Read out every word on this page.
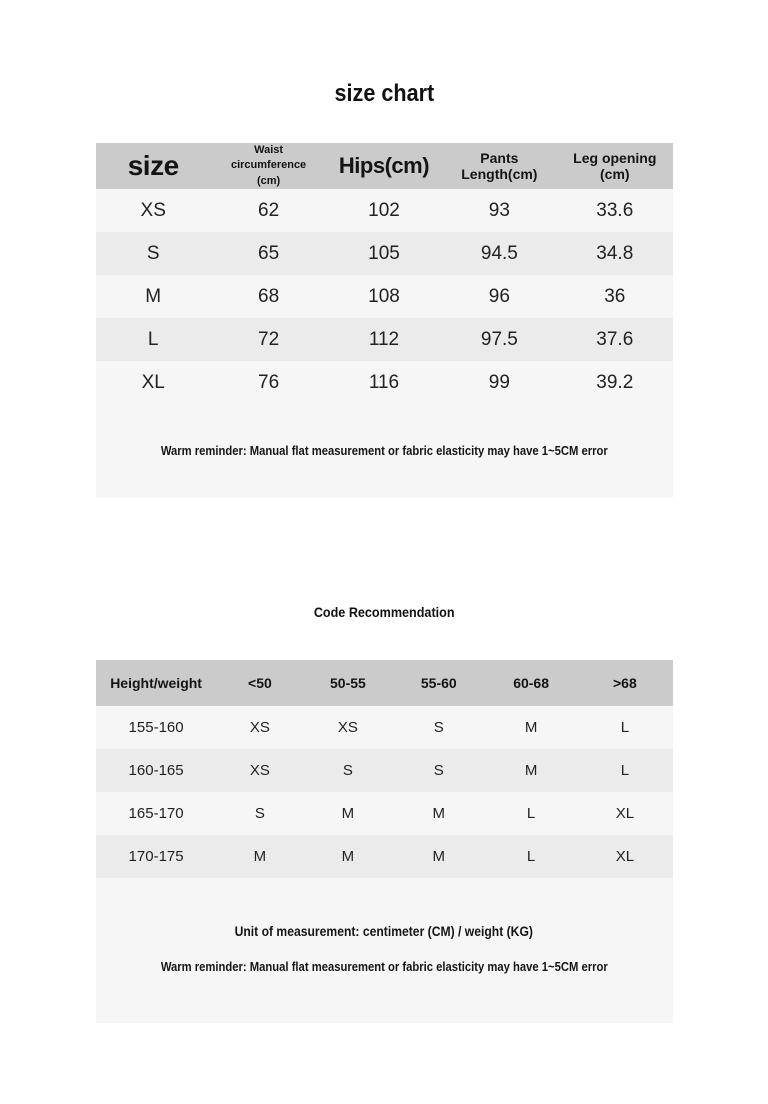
size chart
size	Waist circumference (cm)	Hips(cm)	Pants Length(cm)	Leg opening (cm)
XS	62	102	93	33.6
S	65	105	94.5	34.8
M	68	108	96	36
L	72	112	97.5	37.6
XL	76	116	99	39.2
Warm reminder: Manual flat measurement or fabric elasticity may have 1~5CM error
Code Recommendation
Height/weight	<50	50-55	55-60	60-68	>68
155-160	XS	XS	S	M	L
160-165	XS	S	S	M	L
165-170	S	M	M	L	XL
170-175	M	M	M	L	XL
Unit of measurement: centimeter (CM) / weight (KG)
Warm reminder: Manual flat measurement or fabric elasticity may have 1~5CM error
